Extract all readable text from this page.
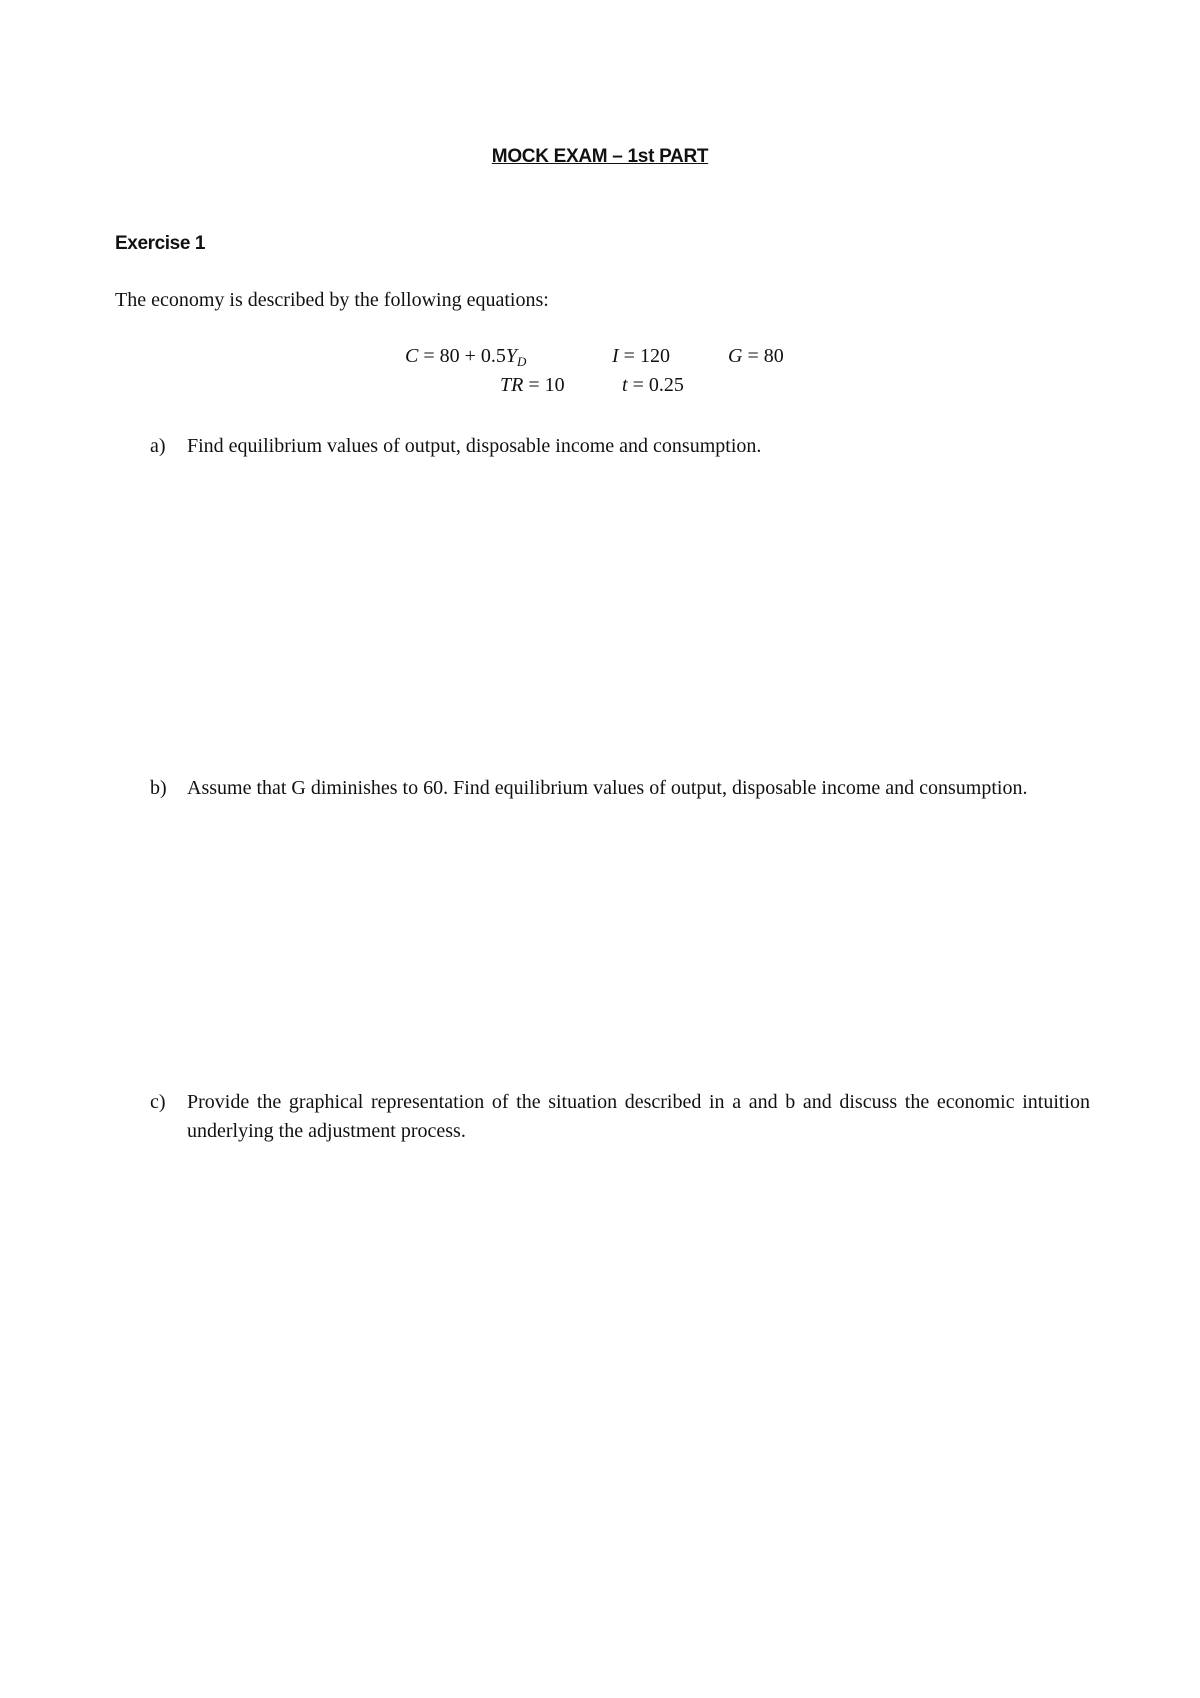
MOCK EXAM – 1st PART
Exercise 1
The economy is described by the following equations:
$C = 80 + 0.5Y_D$	I = 120	G = 80
TR = 10	t = 0.25
a) Find equilibrium values of output, disposable income and consumption.
b) Assume that G diminishes to 60. Find equilibrium values of output, disposable income and consumption.
c) Provide the graphical representation of the situation described in a and b and discuss the economic intuition underlying the adjustment process.
